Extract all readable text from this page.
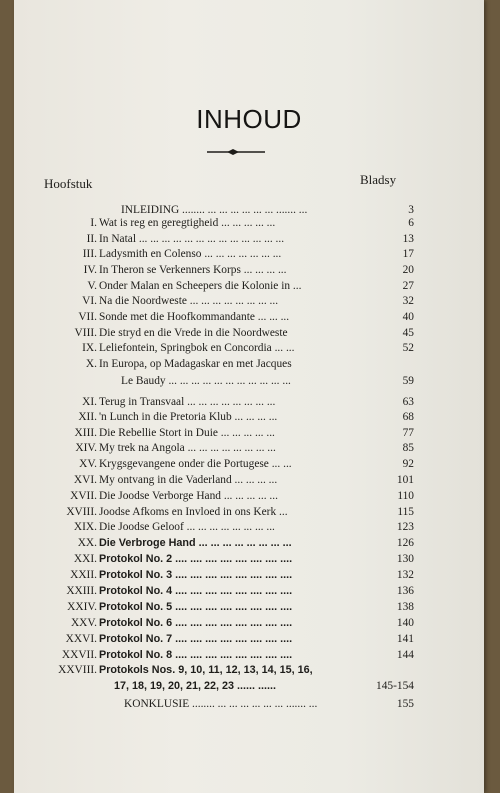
INHOUD
Hoofstuk	Bladsy
INLEIDING ........ ... ... ... ... ... ... ....... ...	3
I. Wat is reg en geregtigheid ... ... ... ... ...	6
II. In Natal ... ... ... ... ... ... ... ... ... ... ... ... ...	13
III. Ladysmith en Colenso ... ... ... ... ... ... ...	17
IV. In Theron se Verkenners Korps ... ... ... ...	20
V. Onder Malan en Scheepers die Kolonie in ...	27
VI. Na die Noordweste ... ... ... ... ... ... ... ...	32
VII. Sonde met die Hoofkommandante ... ... ...	40
VIII. Die stryd en die Vrede in die Noordweste	45
IX. Leliefontein, Springbok en Concordia ... ...	52
X. In Europa, op Madagaskar en met Jacques
Le Baudy ... ... ... ... ... ... ... ... ... ... ...	59
XI. Terug in Transvaal ... ... ... ... ... ... ... ...	63
XII. 'n Lunch in die Pretoria Klub ... ... ... ...	68
XIII. Die Rebellie Stort in Duie ... ... ... ... ...	77
XIV. My trek na Angola ... ... ... ... ... ... ... ...	85
XV. Krygsgevangene onder die Portugese ... ...	92
XVI. My ontvang in die Vaderland ... ... ... ...	101
XVII. Die Joodse Verborge Hand ... ... ... ... ...	110
XVIII. Joodse Afkoms en Invloed in ons Kerk ...	115
XIX. Die Joodse Geloof ... ... ... ... ... ... ... ...	123
XX. Die Verbroge Hand ... ... ... ... ... ... ... ...	126
XXI. Protokol No. 2 .... .... .... .... .... .... .... ....	130
XXII. Protokol No. 3 .... .... .... .... .... .... .... ....	132
XXIII. Protokol No. 4 .... .... .... .... .... .... .... ....	136
XXIV. Protokol No. 5 .... .... .... .... .... .... .... ....	138
XXV. Protokol No. 6 .... .... .... .... .... .... .... ....	140
XXVI. Protokol No. 7 .... .... .... .... .... .... .... ....	141
XXVII. Protokol No. 8 .... .... .... .... .... .... .... ....	144
XXVIII. Protokols Nos. 9, 10, 11, 12, 13, 14, 15, 16,
17, 18, 19, 20, 21, 22, 23 ...... ......	145-154
KONKLUSIE ........ ... ... ... ... ... ... ....... ...	155
